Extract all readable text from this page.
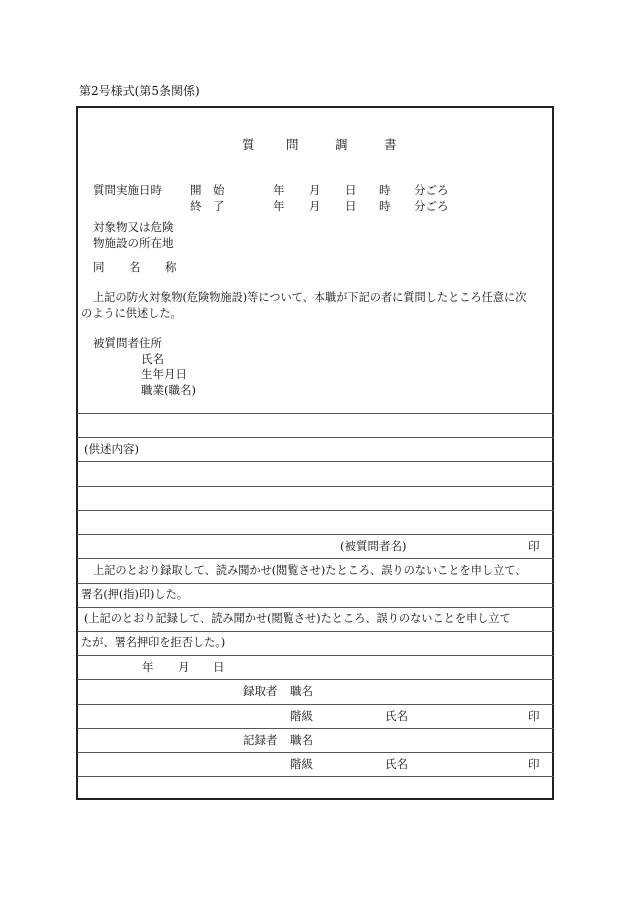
第2号様式(第5条関係)
質	問	調	書
質問実施日時 開　始	年 月 日 時 分ごろ
終　了	年 月 日 時 分ごろ
対象物又は危険
物施設の所在地
同 名 称
上記の防火対象物(危険物施設)等について、本職が下記の者に質問したところ任意に次
のように供述した。
被質問者住所
氏名
生年月日
職業(職名)
(供述内容)
(被質問者名)	印
上記のとおり録取して、読み聞かせ(閲覧させ)たところ、誤りのないことを申し立て、
署名(押(指)印)した。
(上記のとおり記録して、読み聞かせ(閲覧させ)たところ、誤りのないことを申し立て
たが、署名押印を拒否した。)
年 月 日
録取者 職名
階級	氏名	印
記録者 職名
階級	氏名	印
